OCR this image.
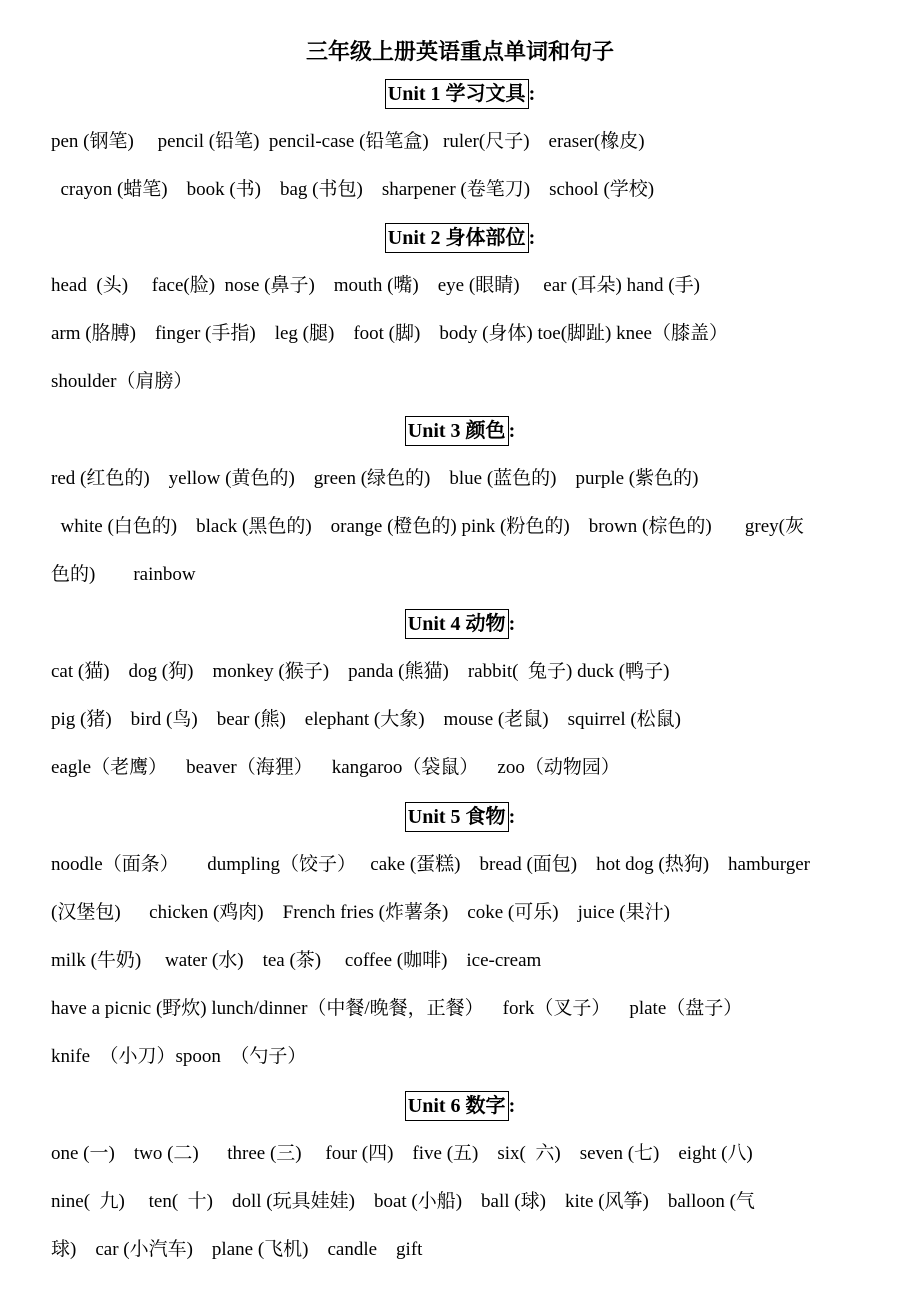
三年级上册英语重点单词和句子
Unit 1 学习文具 :
pen (钢笔)     pencil (铅笔)  pencil-case (铅笔盒)   ruler(尺子)    eraser(橡皮)
crayon (蜡笔)    book (书)    bag (书包)    sharpener (卷笔刀)    school (学校)
Unit 2 身体部位 :
head  (头)     face(脸)  nose (鼻子)    mouth (嘴)    eye (眼睛)     ear (耳朵) hand (手)
arm (胳膊)    finger (手指)    leg (腿)    foot (脚)    body (身体) toe(脚趾) knee（膝盖）
shoulder（肩膀）
Unit 3 颜色 :
red (红色的)    yellow (黄色的)    green (绿色的)    blue (蓝色的)    purple (紫色的)
white (白色的)    black (黑色的)    orange (橙色的) pink (粉色的)    brown (棕色的)       grey(灰
色的)        rainbow
Unit 4 动物 :
cat (猫)    dog (狗)    monkey (猴子)    panda (熊猫)    rabbit(  兔子) duck (鸭子)
pig (猪)    bird (鸟)    bear (熊)    elephant (大象)    mouse (老鼠)    squirrel (松鼠)
eagle（老鹰）    beaver（海狸）    kangaroo（袋鼠）    zoo（动物园）
Unit 5 食物 :
noodle（面条）      dumpling（饺子）   cake (蛋糕)    bread (面包)    hot dog (热狗)    hamburger
(汉堡包)      chicken (鸡肉)    French fries (炸薯条)    coke (可乐)    juice (果汁)
milk (牛奶)     water (水)    tea (茶)     coffee (咖啡)    ice-cream
have a picnic (野炊) lunch/dinner（中餐/晚餐，正餐）    fork（叉子）    plate（盘子）
knife  （小刀）spoon  （勺子）
Unit 6 数字 :
one (一)    two (二)      three (三)     four (四)    five (五)    six(  六)    seven (七)    eight (八)
nine(  九)     ten(  十)    doll (玩具娃娃)    boat (小船)    ball (球)    kite (风筝)    balloon (气
球)    car (小汽车)    plane (飞机)    candle    gift
